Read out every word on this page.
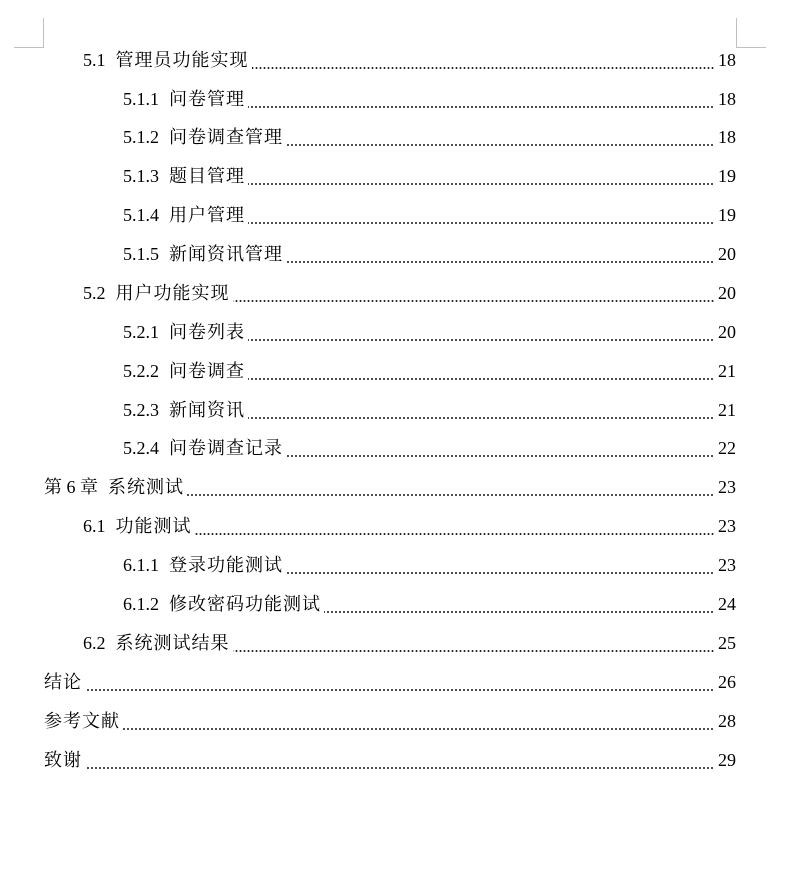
5.1 管理员功能实现	18
5.1.1 问卷管理	18
5.1.2 问卷调查管理	18
5.1.3 题目管理	19
5.1.4 用户管理	19
5.1.5 新闻资讯管理	20
5.2 用户功能实现	20
5.2.1 问卷列表	20
5.2.2 问卷调查	21
5.2.3 新闻资讯	21
5.2.4 问卷调查记录	22
第 6 章 系统测试	23
6.1 功能测试	23
6.1.1 登录功能测试	23
6.1.2 修改密码功能测试	24
6.2 系统测试结果	25
结论	26
参考文献	28
致谢	29
